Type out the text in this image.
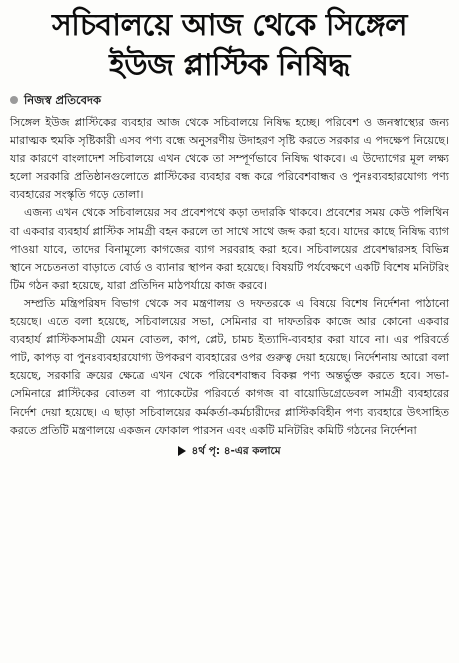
সচিবালয়ে আজ থেকে সিঙ্গেল
ইউজ প্লাস্টিক নিষিদ্ধ
নিজস্ব প্রতিবেদক

সিঙ্গেল ইউজ প্লাস্টিকের ব্যবহার আজ থেকে সচিবালয়ে নিষিদ্ধ হচ্ছে। পরিবেশ ও জনস্বাস্থ্যের জন্য মারাত্মক হুমকি সৃষ্টিকারী এসব পণ্য বন্ধে অনুসরণীয় উদাহরণ সৃষ্টি করতে সরকার এ পদক্ষেপ নিয়েছে। যার কারণে বাংলাদেশ সচিবালয়ে এখন থেকে তা সম্পূর্ণভাবে নিষিদ্ধ থাকবে। এ উদ্যোগের মূল লক্ষ্য হলো সরকারি প্রতিষ্ঠানগুলোতে প্লাস্টিকের ব্যবহার বন্ধ করে পরিবেশবান্ধব ও পুনঃব্যবহারযোগ্য পণ্য ব্যবহারের সংস্কৃতি গড়ে তোলা।

এজন্য এখন থেকে সচিবালয়ের সব প্রবেশপথে কড়া তদারকি থাকবে। প্রবেশের সময় কেউ পলিথিন বা একবার ব্যবহার্য প্লাস্টিক সামগ্রী বহন করলে তা সাথে সাথে জব্দ করা হবে। যাদের কাছে নিষিদ্ধ ব্যাগ পাওয়া যাবে, তাদের বিনামূল্যে কাগজের ব্যাগ সরবরাহ করা হবে। সচিবালয়ের প্রবেশদ্বারসহ বিভিন্ন স্থানে সচেতনতা বাড়াতে বোর্ড ও ব্যানার স্থাপন করা হয়েছে। বিষয়টি পর্যবেক্ষণে একটি বিশেষ মনিটরিং টিম গঠন করা হয়েছে, যারা প্রতিদিন মাঠপর্যায়ে কাজ করবে।

সম্প্রতি মন্ত্রিপরিষদ বিভাগ থেকে সব মন্ত্রণালয় ও দফতরকে এ বিষয়ে বিশেষ নির্দেশনা পাঠানো হয়েছে। এতে বলা হয়েছে, সচিবালয়ের সভা, সেমিনার বা দাফতরিক কাজে আর কোনো একবার ব্যবহার্য প্লাস্টিকসামগ্রী যেমন বোতল, কাপ, প্লেট, চামচ ইত্যাদি-ব্যবহার করা যাবে না। এর পরিবর্তে পাট, কাপড় বা পুনঃব্যবহারযোগ্য উপকরণ ব্যবহারের ওপর গুরুত্ব দেয়া হয়েছে। নির্দেশনায় আরো বলা হয়েছে, সরকারি ক্রয়ের ক্ষেত্রে এখন থেকে পরিবেশবান্ধব বিকল্প পণ্য অন্তর্ভুক্ত করতে হবে। সভা-সেমিনারে প্লাস্টিকের বোতল বা প্যাকেটের পরিবর্তে কাগজ বা বায়োডিগ্রেডেবল সামগ্রী ব্যবহারের নির্দেশ দেয়া হয়েছে। এ ছাড়া সচিবালয়ের কর্মকর্তা-কর্মচারীদের প্লাস্টিকবিহীন পণ্য ব্যবহারে উৎসাহিত করতে প্রতিটি মন্ত্রণালয়ে একজন ফোকাল পারসন এবং একটি মনিটরিং কমিটি গঠনের নির্দেশনা

৪র্থ পৃ: ৪-এর কলামে
